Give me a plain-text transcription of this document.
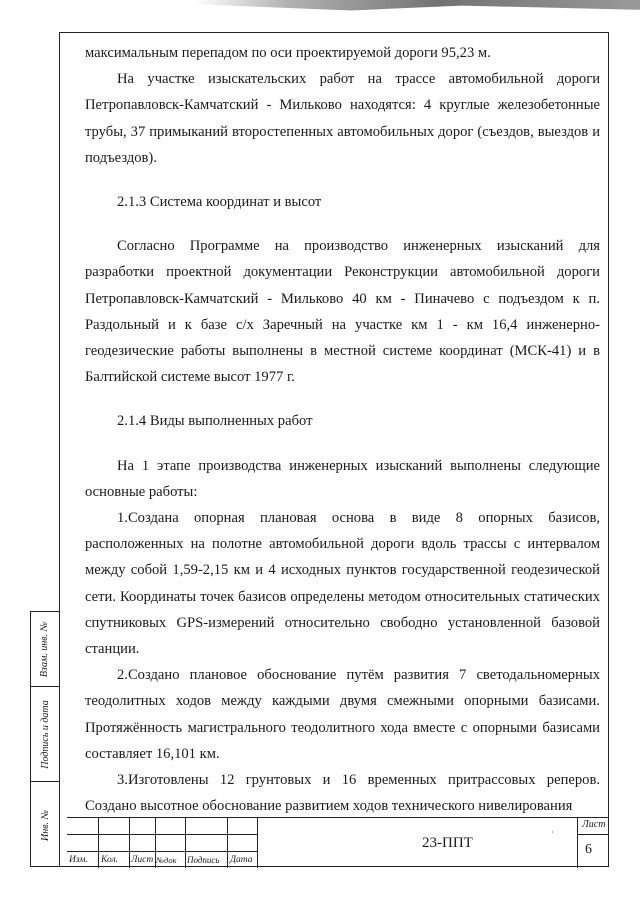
максимальным перепадом по оси проектируемой дороги 95,23 м.

На участке изыскательских работ на трассе автомобильной дороги Петропавловск-Камчатский - Мильково находятся: 4 круглые железобетонные трубы, 37 примыканий второстепенных автомобильных дорог (съездов, выездов и подъездов).

2.1.3 Система координат и высот

Согласно Программе на производство инженерных изысканий для разработки проектной документации Реконструкции автомобильной дороги Петропавловск-Камчатский - Мильково 40 км - Пиначево с подъездом к п. Раздольный и к базе с/х Заречный на участке км 1 - км 16,4 инженерно-геодезические работы выполнены в местной системе координат (МСК-41) и в Балтийской системе высот 1977 г.

2.1.4 Виды выполненных работ

На 1 этапе производства инженерных изысканий выполнены следующие основные работы:

1.Создана опорная плановая основа в виде 8 опорных базисов, расположенных на полотне автомобильной дороги вдоль трассы с интервалом между собой 1,59-2,15 км и 4 исходных пунктов государственной геодезической сети. Координаты точек базисов определены методом относительных статических спутниковых GPS-измерений относительно свободно установленной базовой станции.

2.Создано плановое обоснование путём развития 7 светодальномерных теодолитных ходов между каждыми двумя смежными опорными базисами. Протяжённость магистрального теодолитного хода вместе с опорными базисами составляет 16,101 км.

3.Изготовлены 12 грунтовых и 16 временных притрассовых реперов. Создано высотное обоснование развитием ходов технического нивелирования

Взам. инв. №
Подпись и дата
Инв. №
Изм. Кол. Лист №док Подпись Дата
·
23-ППТ
Лист
6
